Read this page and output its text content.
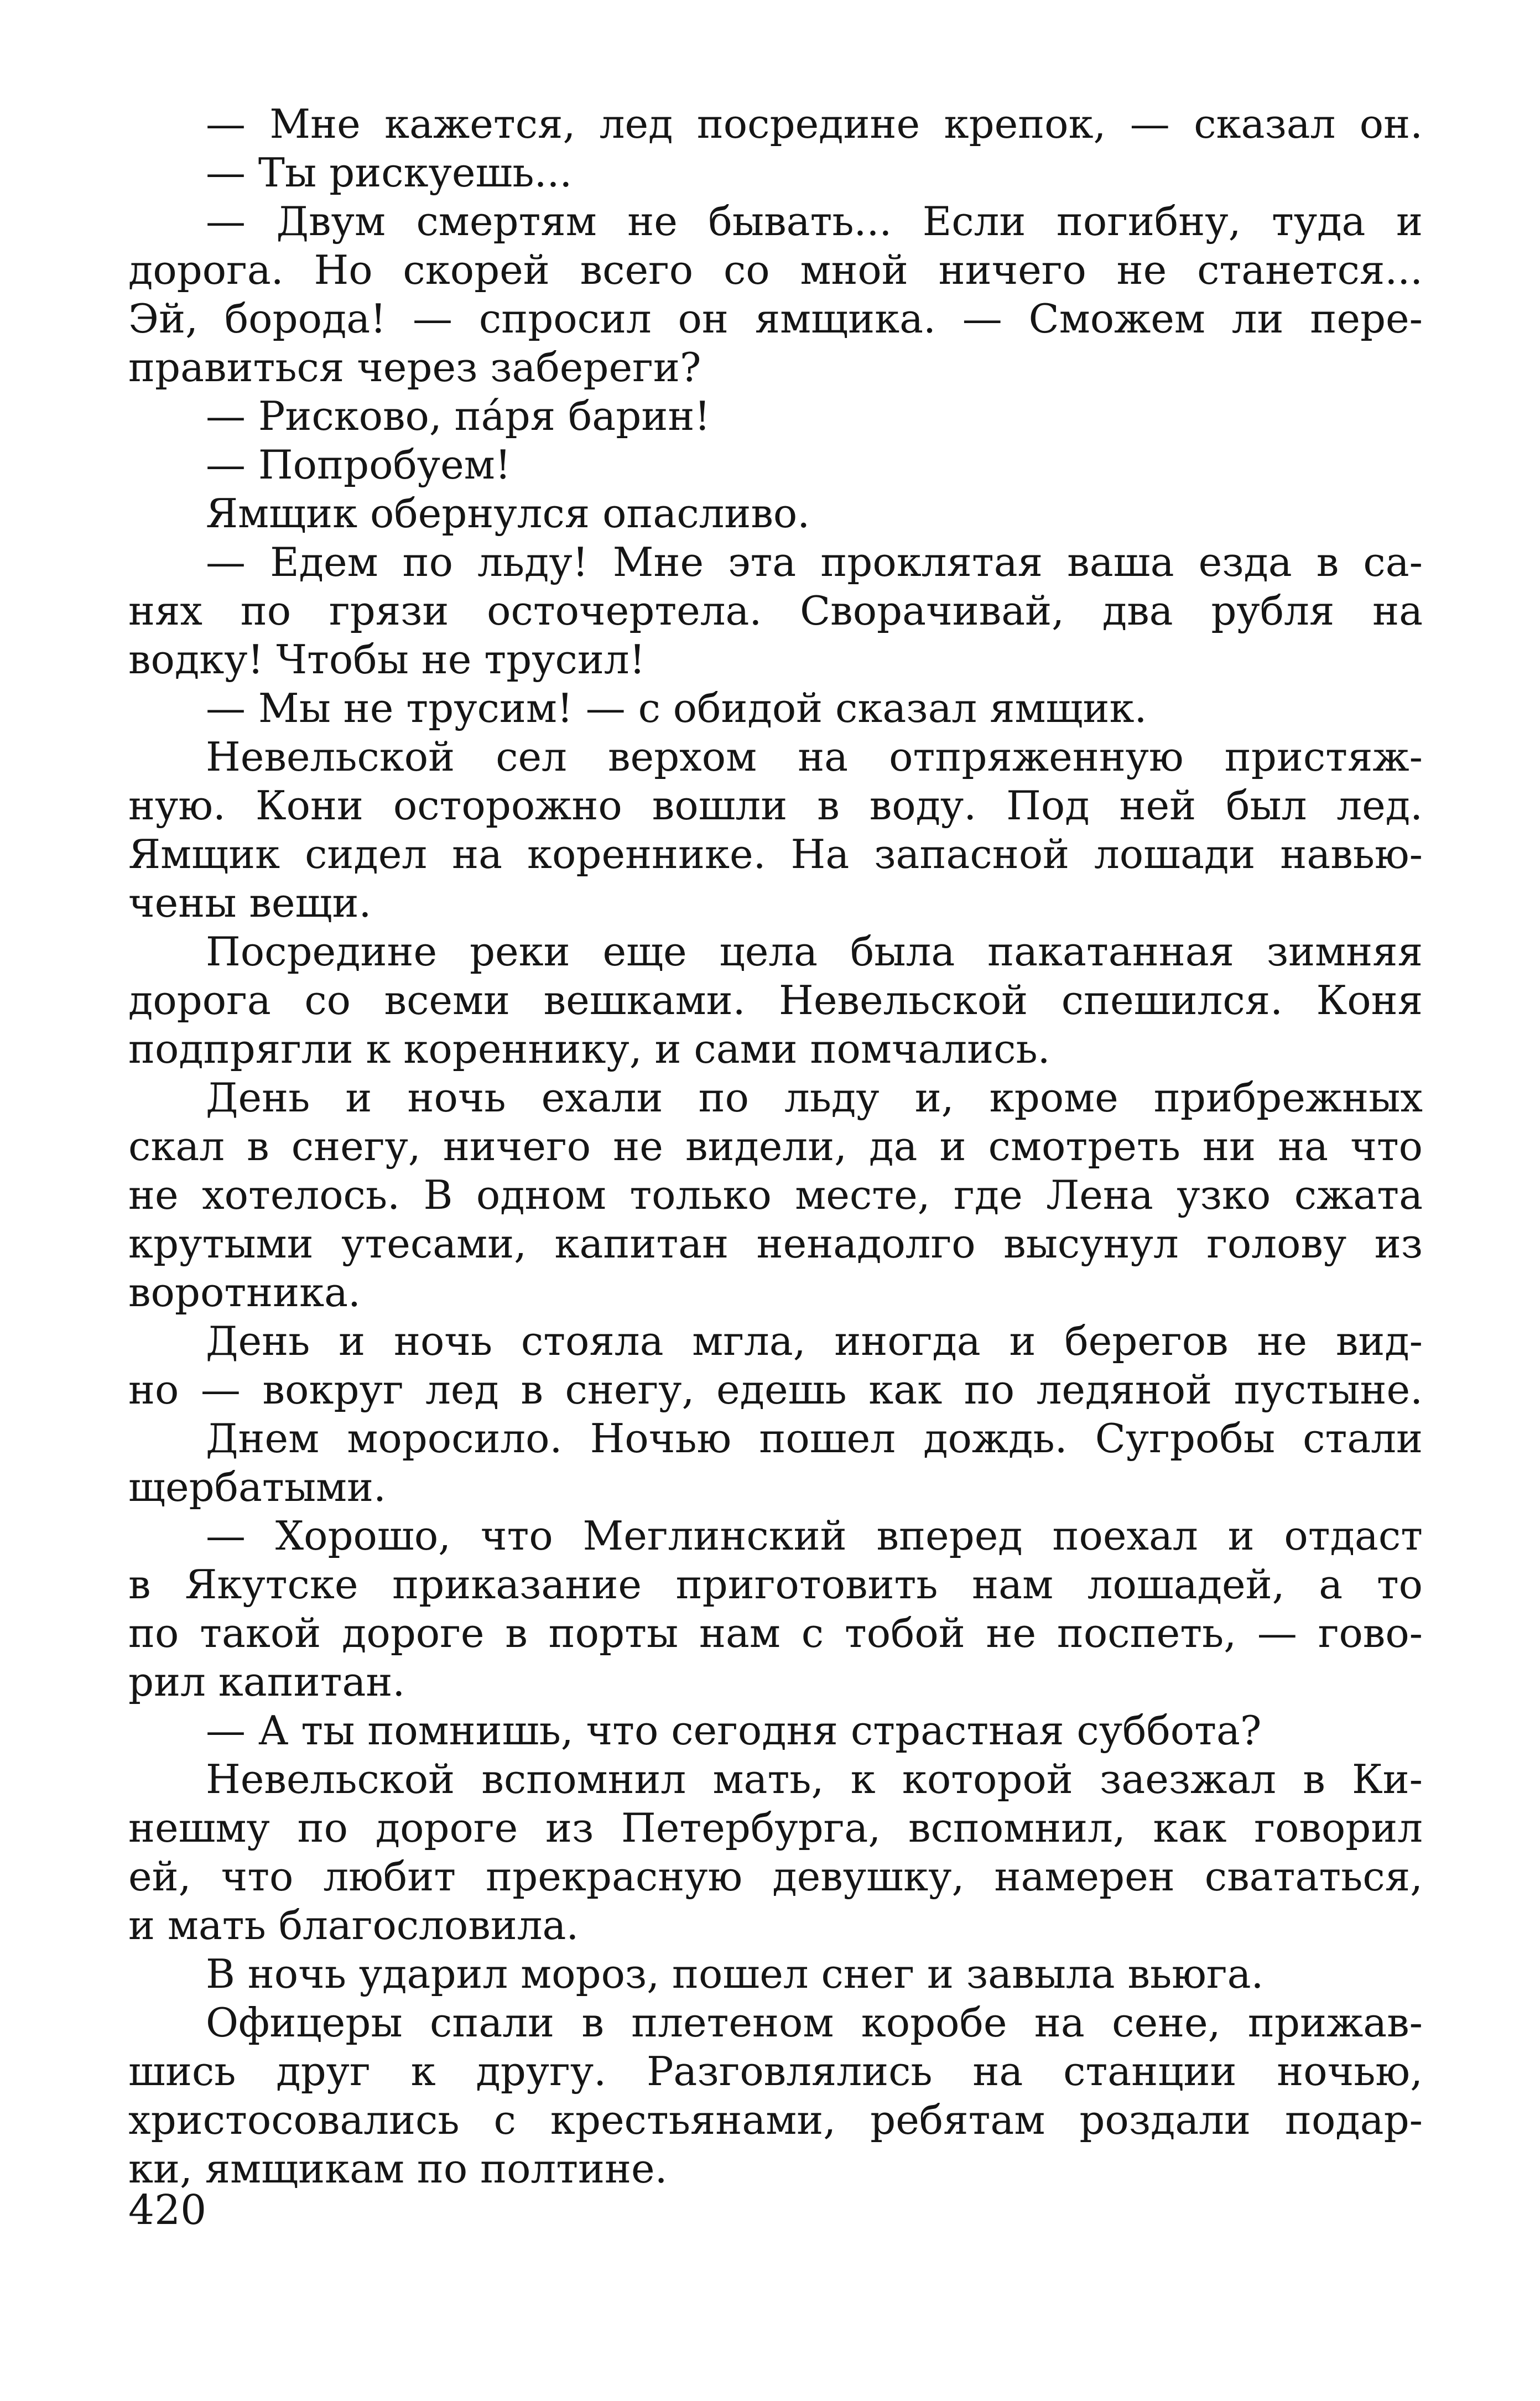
— Мне кажется, лед посредине крепок, — сказал он.
— Ты рискуешь...
— Двум смертям не бывать... Если погибну, туда и
дорога. Но скорей всего со мной ничего не станется...
Эй, борода! — спросил он ямщика. — Сможем ли пере-
правиться через забереги?
— Рисково, пáря барин!
— Попробуем!
Ямщик обернулся опасливо.
— Едем по льду! Мне эта проклятая ваша езда в са-
нях по грязи осточертела. Сворачивай, два рубля на
водку! Чтобы не трусил!
— Мы не трусим! — с обидой сказал ямщик.
Невельской сел верхом на отпряженную пристяж-
ную. Кони осторожно вошли в воду. Под ней был лед.
Ямщик сидел на кореннике. На запасной лошади навью-
чены вещи.
Посредине реки еще цела была пакатанная зимняя
дорога со всеми вешками. Невельской спешился. Коня
подпрягли к кореннику, и сами помчались.
День и ночь ехали по льду и, кроме прибрежных
скал в снегу, ничего не видели, да и смотреть ни на что
не хотелось. В одном только месте, где Лена узко сжата
крутыми утесами, капитан ненадолго высунул голову из
воротника.
День и ночь стояла мгла, иногда и берегов не вид-
но — вокруг лед в снегу, едешь как по ледяной пустыне.
Днем моросило. Ночью пошел дождь. Сугробы стали
щербатыми.
— Хорошо, что Меглинский вперед поехал и отдаст
в Якутске приказание приготовить нам лошадей, а то
по такой дороге в порты нам с тобой не поспеть, — гово-
рил капитан.
— А ты помнишь, что сегодня страстная суббота?
Невельской вспомнил мать, к которой заезжал в Ки-
нешму по дороге из Петербурга, вспомнил, как говорил
ей, что любит прекрасную девушку, намерен свататься,
и мать благословила.
В ночь ударил мороз, пошел снег и завыла вьюга.
Офицеры спали в плетеном коробе на сене, прижав-
шись друг к другу. Разговлялись на станции ночью,
христосовались с крестьянами, ребятам роздали подар-
ки, ямщикам по полтине.
420
